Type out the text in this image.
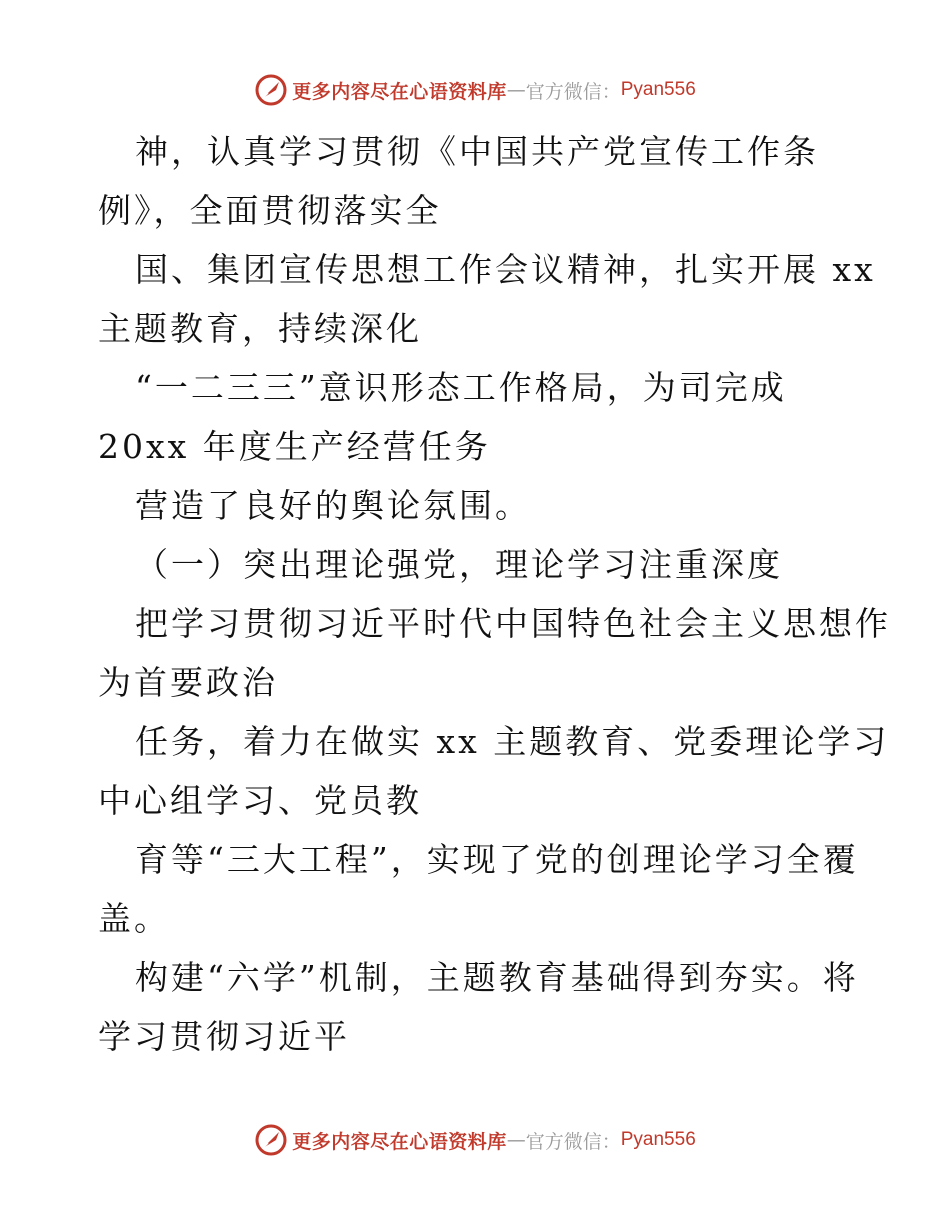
更多内容尽在心语资料库 — 官方微信： Pyan556
神，认真学习贯彻《中国共产党宣传工作条
例》，全面贯彻落实全
国、集团宣传思想工作会议精神，扎实开展 xx
主题教育，持续深化
“一二三三”意识形态工作格局，为司完成
20xx 年度生产经营任务
营造了良好的舆论氛围。
（一）突出理论强党，理论学习注重深度
把学习贯彻习近平时代中国特色社会主义思想作
为首要政治
任务，着力在做实 xx 主题教育、党委理论学习
中心组学习、党员教
育等“三大工程”，实现了党的创理论学习全覆
盖。
构建“六学”机制，主题教育基础得到夯实。将
学习贯彻习近平
更多内容尽在心语资料库 — 官方微信： Pyan556
